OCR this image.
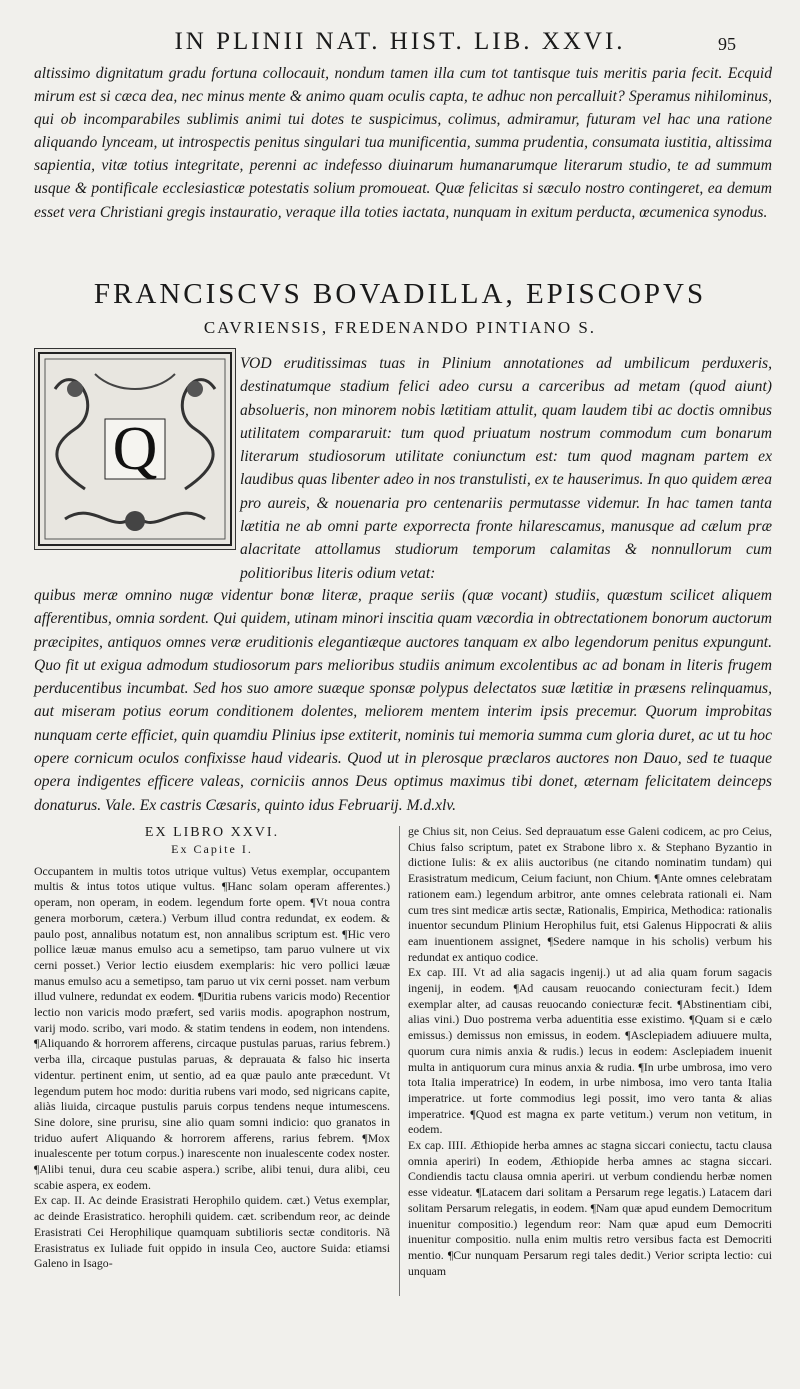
IN PLINII NAT. HIST. LIB. XXVI.	95
altissimo dignitatum gradu fortuna collocauit, nondum tamen illa cum tot tantisque tuis meritis paria fecit. Ecquid mirum est si cæca dea, nec minus mente & animo quam oculis capta, te adhuc non percalluit? Speramus nihilominus, qui ob incomparabiles sublimis animi tui dotes te suspicimus, colimus, admiramur, futuram vel hac una ratione aliquando lynceam, ut introspectis penitus singulari tua munificentia, summa prudentia, consumata iustitia, altissima sapientia, vitæ totius integritate, perenni ac indefesso diuinarum humanarumque literarum studio, te ad summum usque & pontificale ecclesiasticæ potestatis solium promoueat. Quæ felicitas si sæculo nostro contingeret, ea demum esset vera Christiani gregis instauratio, veraque illa toties iactata, nunquam in exitum perducta, œcumenica synodus.
FRANCISCVS BOVADILLA, EPISCOPVS
CAVRIENSIS, FREDENANDO PINTIANO S.
Q
VOD eruditissimas tuas in Plinium annotationes ad umbilicum perduxeris, destinatumque stadium felici adeo cursu a carceribus ad metam (quod aiunt) absolueris, non minorem nobis lætitiam attulit, quam laudem tibi ac doctis omnibus utilitatem compararuit: tum quod priuatum nostrum commodum cum bonarum literarum studiosorum utilitate coniunctum est: tum quod magnam partem ex laudibus quas libenter adeo in nos transtulisti, ex te hauserimus. In quo quidem ærea pro aureis, & nouenaria pro centenariis permutasse videmur. In hac tamen tanta lætitia ne ab omni parte exporrecta fronte hilarescamus, manusque ad cælum præ alacritate attollamus studiorum temporum calamitas & nonnullorum cum politioribus literis odium vetat:
quibus meræ omnino nugæ videntur bonæ literæ, praque seriis (quæ vocant) studiis, quæstum scilicet aliquem afferentibus, omnia sordent. Qui quidem, utinam minori inscitia quam væcordia in obtrectationem bonorum auctorum præcipites, antiquos omnes veræ eruditionis elegantiæque auctores tanquam ex albo legendorum penitus expungunt. Quo fit ut exigua admodum studiosorum pars melioribus studiis animum excolentibus ac ad bonam in literis frugem perducentibus incumbat. Sed hos suo amore suæque sponsæ polypus delectatos suæ lætitiæ in præsens relinquamus, aut miseram potius eorum conditionem dolentes, meliorem mentem interim ipsis precemur. Quorum improbitas nunquam certe efficiet, quin quamdiu Plinius ipse extiterit, nominis tui memoria summa cum gloria duret, ac ut tu hoc opere cornicum oculos confixisse haud videaris. Quod ut in plerosque præclaros auctores non Dauo, sed te tuaque opera indigentes efficere valeas, corniciis annos Deus optimus maximus tibi donet, æternam felicitatem deinceps donaturus. Vale. Ex castris Cæsaris, quinto idus Februarij. M.d.xlv.
EX LIBRO XXVI.
Ex Capite I.

Occupantem in multis totos utrique vultus) Vetus exemplar, occupantem multis & intus totos utique vultus. ¶Hanc solam operam afferentes.) operam, non operam, in eodem. legendum forte opem. ¶Vt noua contra genera morborum, cætera.) Verbum illud contra redundat, ex eodem. & paulo post, annalibus notatum est, non annalibus scriptum est. ¶Hic vero pollice læuæ manus emulso acu a semetipso, tam paruo vulnere ut vix cerni posset.) Verior lectio eiusdem exemplaris: hic vero pollici læuæ manus emulso acu a semetipso, tam paruo ut vix cerni posset. nam verbum illud vulnere, redundat ex eodem. ¶Duritia rubens varicis modo) Recentior lectio non varicis modo præfert, sed variis modis. apographon nostrum, varij modo. scribo, vari modo. & statim tendens in eodem, non intendens. ¶Aliquando & horrorem afferens, circaque pustulas paruas, rarius febrem.) verba illa, circaque pustulas paruas, & deprauata & falso hic inserta videntur. pertinent enim, ut sentio, ad ea quæ paulo ante præcedunt. Vt legendum putem hoc modo: duritia rubens vari modo, sed nigricans capite, aliàs liuida, circaque pustulis paruis corpus tendens neque intumescens. Sine dolore, sine prurisu, sine alio quam somni indicio: quo granatos in triduo aufert Aliquando & horrorem afferens, rarius febrem. ¶Mox inualescente per totum corpus.) inarescente non inualescente codex noster. ¶Alibi tenui, dura ceu scabie aspera.) scribe, alibi tenui, dura alibi, ceu scabie aspera, ex eodem.

Ex cap. II. Ac deinde Erasistrati Herophilo quidem. cæt.) Vetus exemplar, ac deinde Erasistratico. herophili quidem. cæt. scribendum reor, ac deinde Erasistrati Cei Herophilique quamquam subtilioris sectæ conditoris. Nã Erasistratus ex Iuliade fuit oppido in insula Ceo, auctore Suida: etiamsi Galeno in Isago-

ge Chius sit, non Ceius. Sed deprauatum esse Galeni codicem, ac pro Ceius, Chius falso scriptum, patet ex Strabone libro x. & Stephano Byzantio in dictione Iulis: & ex aliis auctoribus (ne citando nominatim tundam) qui Erasistratum medicum, Ceium faciunt, non Chium. ¶Ante omnes celebratam rationem eam.) legendum arbitror, ante omnes celebrata rationali ei. Nam cum tres sint medicæ artis sectæ, Rationalis, Empirica, Methodica: rationalis inuentor secundum Plinium Herophilus fuit, etsi Galenus Hippocrati & aliis eam inuentionem assignet, ¶Sedere namque in his scholis) verbum his redundat ex antiquo codice.

Ex cap. III. Vt ad alia sagacis ingenij.) ut ad alia quam forum sagacis ingenij, in eodem. ¶Ad causam reuocando coniecturam fecit.) Idem exemplar alter, ad causas reuocando coniecturæ fecit. ¶Abstinentiam cibi, alias vini.) Duo postrema verba aduentitia esse existimo. ¶Quam si e cælo emissus.) demissus non emissus, in eodem. ¶Asclepiadem adiuuere multa, quorum cura nimis anxia & rudis.) lecus in eodem: Asclepiadem inuenit multa in antiquorum cura minus anxia & rudia. ¶In urbe umbrosa, imo vero tota Italia imperatrice) In eodem, in urbe nimbosa, imo vero tanta Italia imperatrice. ut forte commodius legi possit, imo vero tanta & alias imperatrice. ¶Quod est magna ex parte vetitum.) verum non vetitum, in eodem.

Ex cap. IIII. Æthiopide herba amnes ac stagna siccari coniectu, tactu clausa omnia aperiri) In eodem, Æthiopide herba amnes ac stagna siccari. Condiendis tactu clausa omnia aperiri. ut verbum condiendu herbæ nomen esse videatur. ¶Latacem dari solitam a Persarum rege legatis.) Latacem dari solitam Persarum relegatis, in eodem. ¶Nam quæ apud eundem Democritum inuenitur compositio.) legendum reor: Nam quæ apud eum Democriti inuenitur compositio. nulla enim multis retro versibus facta est Democriti mentio. ¶Cur nunquam Persarum regi tales dedit.) Verior scripta lectio: cui unquam
